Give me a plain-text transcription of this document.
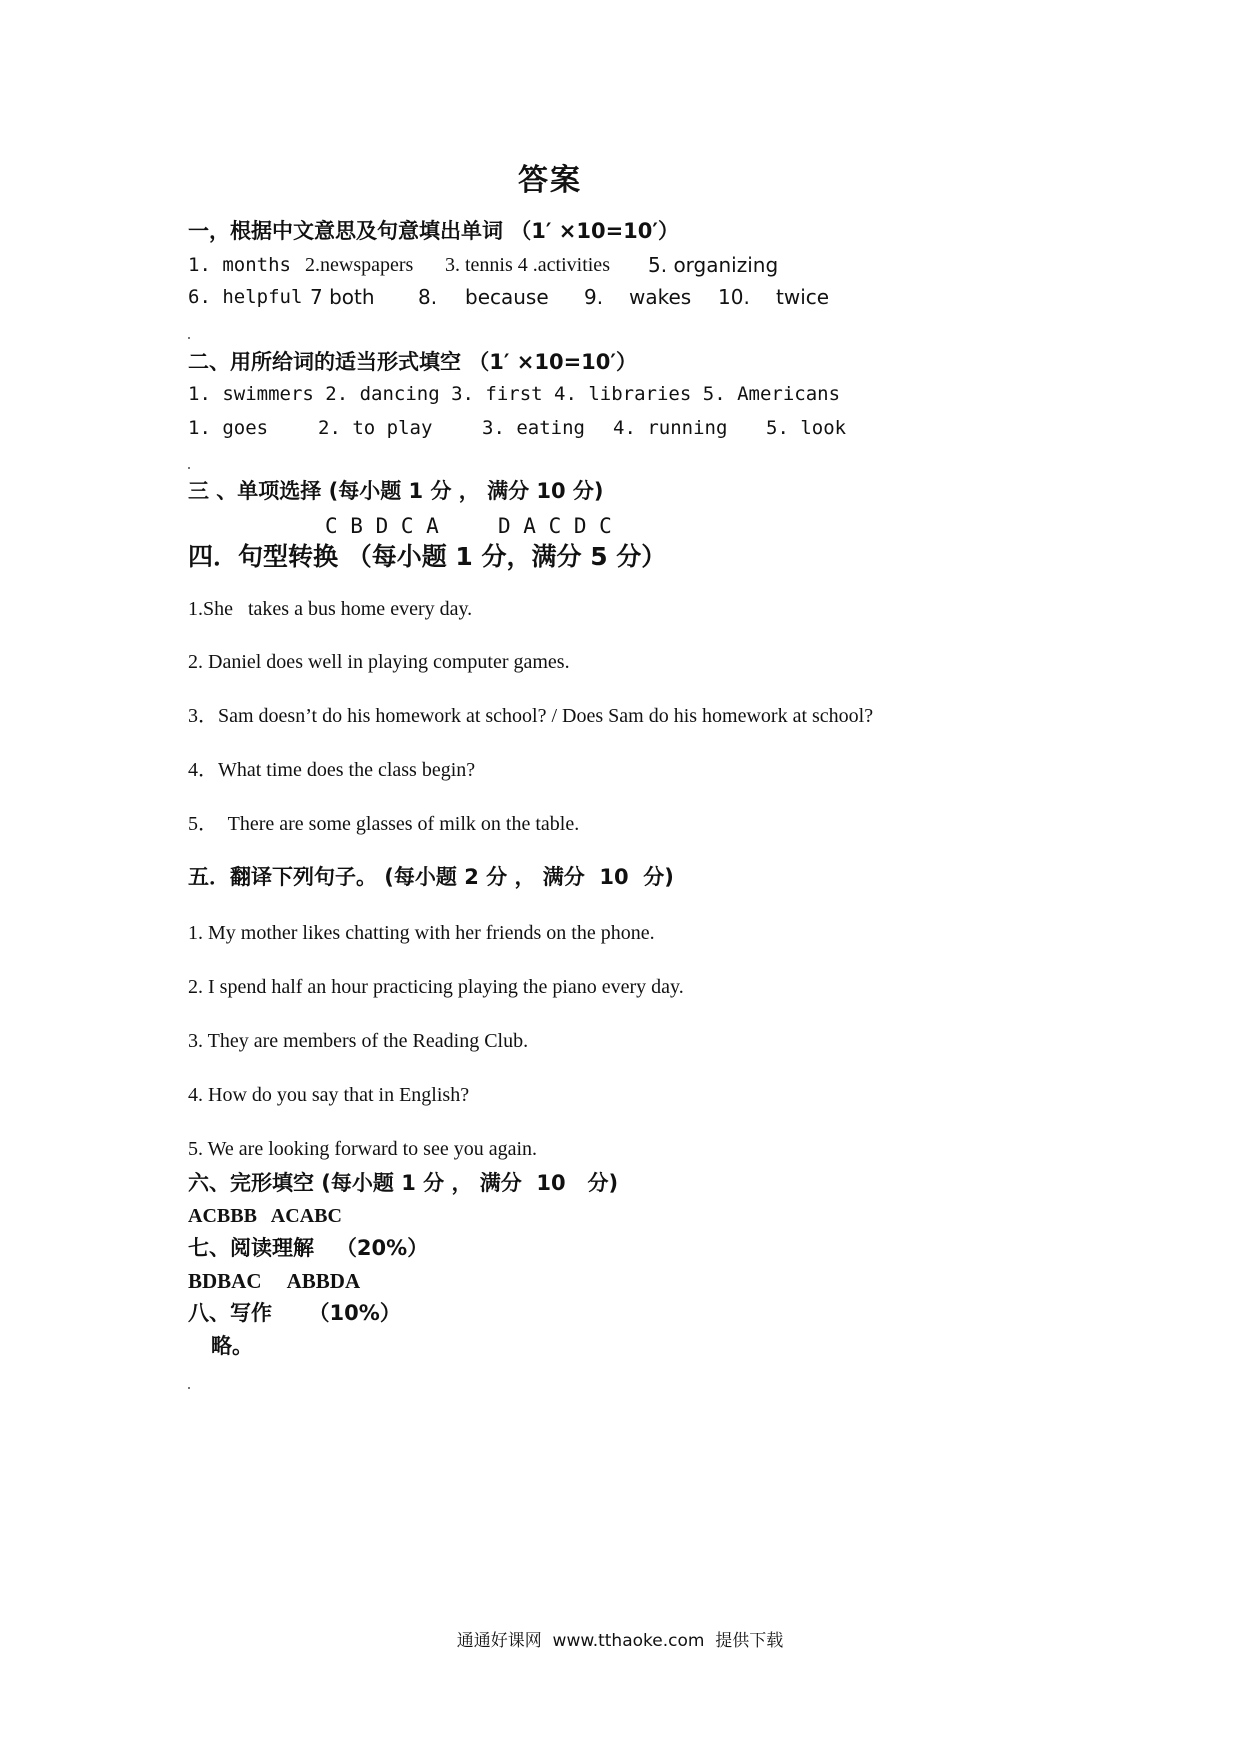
答案
一，根据中文意思及句意填出单词 （1′ ×10=10′）
1. months 2.newspapers 3. tennis 4 .activities 5. organizing
6. helpful 7 both 8. because 9. wakes 10. twice
二、用所给词的适当形式填空 （1′ ×10=10′）
1. swimmers 2. dancing 3. first 4. libraries 5. Americans
1. goes	2. to play	3. eating 4. running 5. look
三 、单项选择 (每小题 1 分 ， 满分 10 分)
C B D C A	D A C D C
四．句型转换 （每小题 1 分，满分 5 分）
1.She   takes a bus home every day.
2. Daniel does well in playing computer games.
3．Sam doesn’t do his homework at school? / Does Sam do his homework at school?
4．What time does the class begin?
5．  There are some glasses of milk on the table.
五．翻译下列句子。 (每小题 2 分 ， 满分  10  分)
1. My mother likes chatting with her friends on the phone.
2. I spend half an hour practicing playing the piano every day.
3. They are members of the Reading Club.
4. How do you say that in English?
5. We are looking forward to see you again.
六、完形填空 (每小题 1 分 ， 满分  10   分)
ACBBB   ACABC
七、阅读理解   （20%）
BDBAC     ABBDA
八、写作     （10%）
略。
通通好课网  www.tthaoke.com  提供下载
